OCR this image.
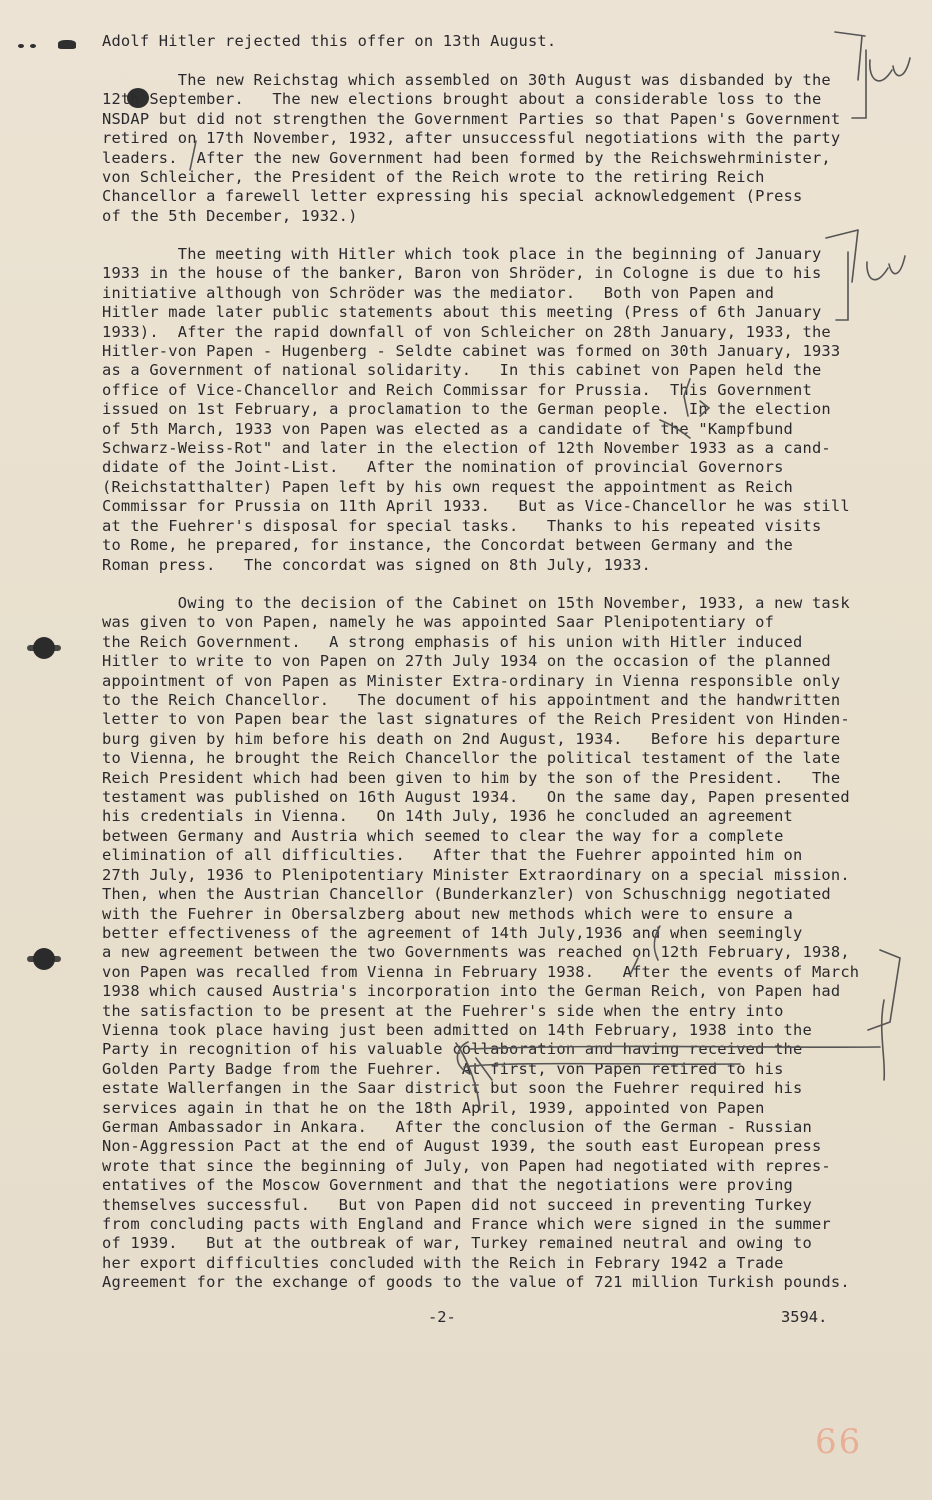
Adolf Hitler rejected this offer on 13th August.
The new Reichstag which assembled on 30th August was disbanded by the
12th September.   The new elections brought about a considerable loss to the
NSDAP but did not strengthen the Government Parties so that Papen's Government
retired on 17th November, 1932, after unsuccessful negotiations with the party
leaders.  After the new Government had been formed by the Reichswehrminister,
von Schleicher, the President of the Reich wrote to the retiring Reich
Chancellor a farewell letter expressing his special acknowledgement (Press
of the 5th December, 1932.)
The meeting with Hitler which took place in the beginning of January
1933 in the house of the banker, Baron von Shröder, in Cologne is due to his
initiative although von Schröder was the mediator.   Both von Papen and
Hitler made later public statements about this meeting (Press of 6th January
1933).  After the rapid downfall of von Schleicher on 28th January, 1933, the
Hitler-von Papen - Hugenberg - Seldte cabinet was formed on 30th January, 1933
as a Government of national solidarity.   In this cabinet von Papen held the
office of Vice-Chancellor and Reich Commissar for Prussia.  This Government
issued on 1st February, a proclamation to the German people.  In the election
of 5th March, 1933 von Papen was elected as a candidate of the "Kampfbund
Schwarz-Weiss-Rot" and later in the election of 12th November 1933 as a cand-
didate of the Joint-List.   After the nomination of provincial Governors
(Reichstatthalter) Papen left by his own request the appointment as Reich
Commissar for Prussia on 11th April 1933.   But as Vice-Chancellor he was still
at the Fuehrer's disposal for special tasks.   Thanks to his repeated visits
to Rome, he prepared, for instance, the Concordat between Germany and the
Roman press.   The concordat was signed on 8th July, 1933.
Owing to the decision of the Cabinet on 15th November, 1933, a new task
was given to von Papen, namely he was appointed Saar Plenipotentiary of
the Reich Government.   A strong emphasis of his union with Hitler induced
Hitler to write to von Papen on 27th July 1934 on the occasion of the planned
appointment of von Papen as Minister Extra-ordinary in Vienna responsible only
to the Reich Chancellor.   The document of his appointment and the handwritten
letter to von Papen bear the last signatures of the Reich President von Hinden-
burg given by him before his death on 2nd August, 1934.   Before his departure
to Vienna, he brought the Reich Chancellor the political testament of the late
Reich President which had been given to him by the son of the President.   The
testament was published on 16th August 1934.   On the same day, Papen presented
his credentials in Vienna.   On 14th July, 1936 he concluded an agreement
between Germany and Austria which seemed to clear the way for a complete
elimination of all difficulties.   After that the Fuehrer appointed him on
27th July, 1936 to Plenipotentiary Minister Extraordinary on a special mission.
Then, when the Austrian Chancellor (Bunderkanzler) von Schuschnigg negotiated
with the Fuehrer in Obersalzberg about new methods which were to ensure a
better effectiveness of the agreement of 14th July,1936 and when seemingly
a new agreement between the two Governments was reached on 12th February, 1938,
von Papen was recalled from Vienna in February 1938.   After the events of March
1938 which caused Austria's incorporation into the German Reich, von Papen had
the satisfaction to be present at the Fuehrer's side when the entry into
Vienna took place having just been admitted on 14th February, 1938 into the
Party in recognition of his valuable collaboration and having received the
Golden Party Badge from the Fuehrer.  At first, von Papen retired to his
estate Wallerfangen in the Saar district but soon the Fuehrer required his
services again in that he on the 18th April, 1939, appointed von Papen
German Ambassador in Ankara.   After the conclusion of the German - Russian
Non-Aggression Pact at the end of August 1939, the south east European press
wrote that since the beginning of July, von Papen had negotiated with repres-
entatives of the Moscow Government and that the negotiations were proving
themselves successful.   But von Papen did not succeed in preventing Turkey
from concluding pacts with England and France which were signed in the summer
of 1939.   But at the outbreak of war, Turkey remained neutral and owing to
her export difficulties concluded with the Reich in Febrary 1942 a Trade
Agreement for the exchange of goods to the value of 721 million Turkish pounds.
-2-	3594.
66
